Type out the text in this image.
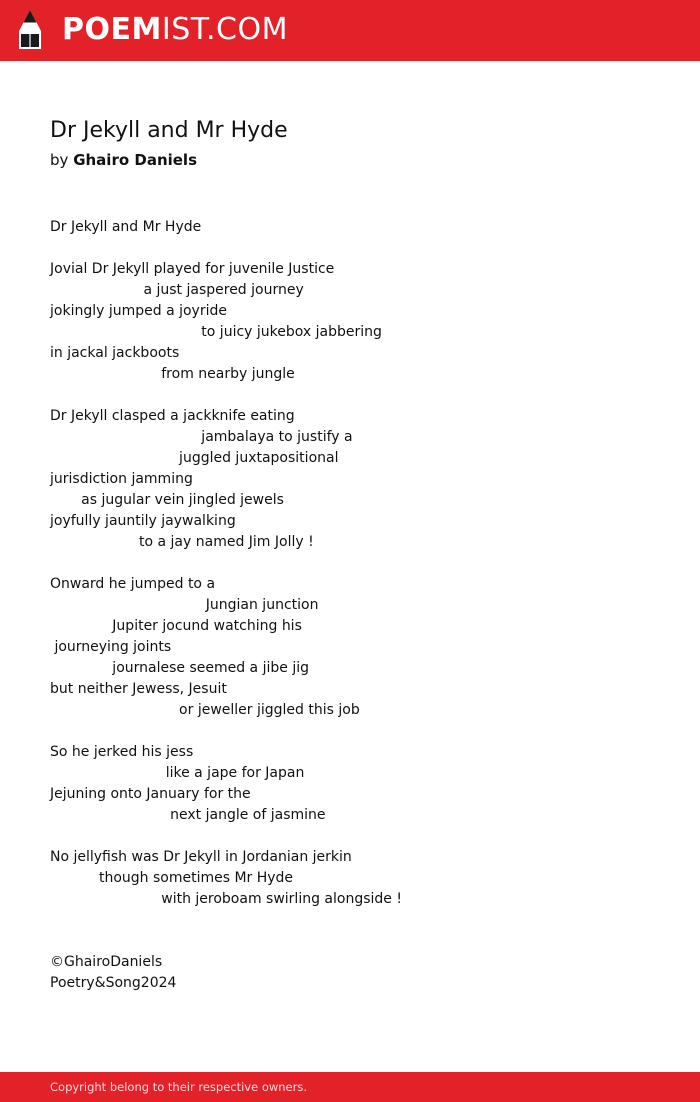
POEMIST.COM
Dr Jekyll and Mr Hyde
by Ghairo Daniels
Dr Jekyll and Mr Hyde

Jovial Dr Jekyll played for juvenile Justice
a just jaspered journey
jokingly jumped a joyride
to juicy jukebox jabbering
in jackal jackboots
from nearby jungle

Dr Jekyll clasped a jackknife eating
jambalaya to justify a
juggled juxtapositional
jurisdiction jamming
as jugular vein jingled jewels
joyfully jauntily jaywalking
to a jay named Jim Jolly !

Onward he jumped to a
Jungian junction
Jupiter jocund watching his
journeying joints
journalese seemed a jibe jig
but neither Jewess, Jesuit
or jeweller jiggled this job

So he jerked his jess
like a jape for Japan
Jejuning onto January for the
next jangle of jasmine

No jellyfish was Dr Jekyll in Jordanian jerkin
though sometimes Mr Hyde
with jeroboam swirling alongside !
©GhairoDaniels
Poetry&Song2024
Copyright belong to their respective owners.
